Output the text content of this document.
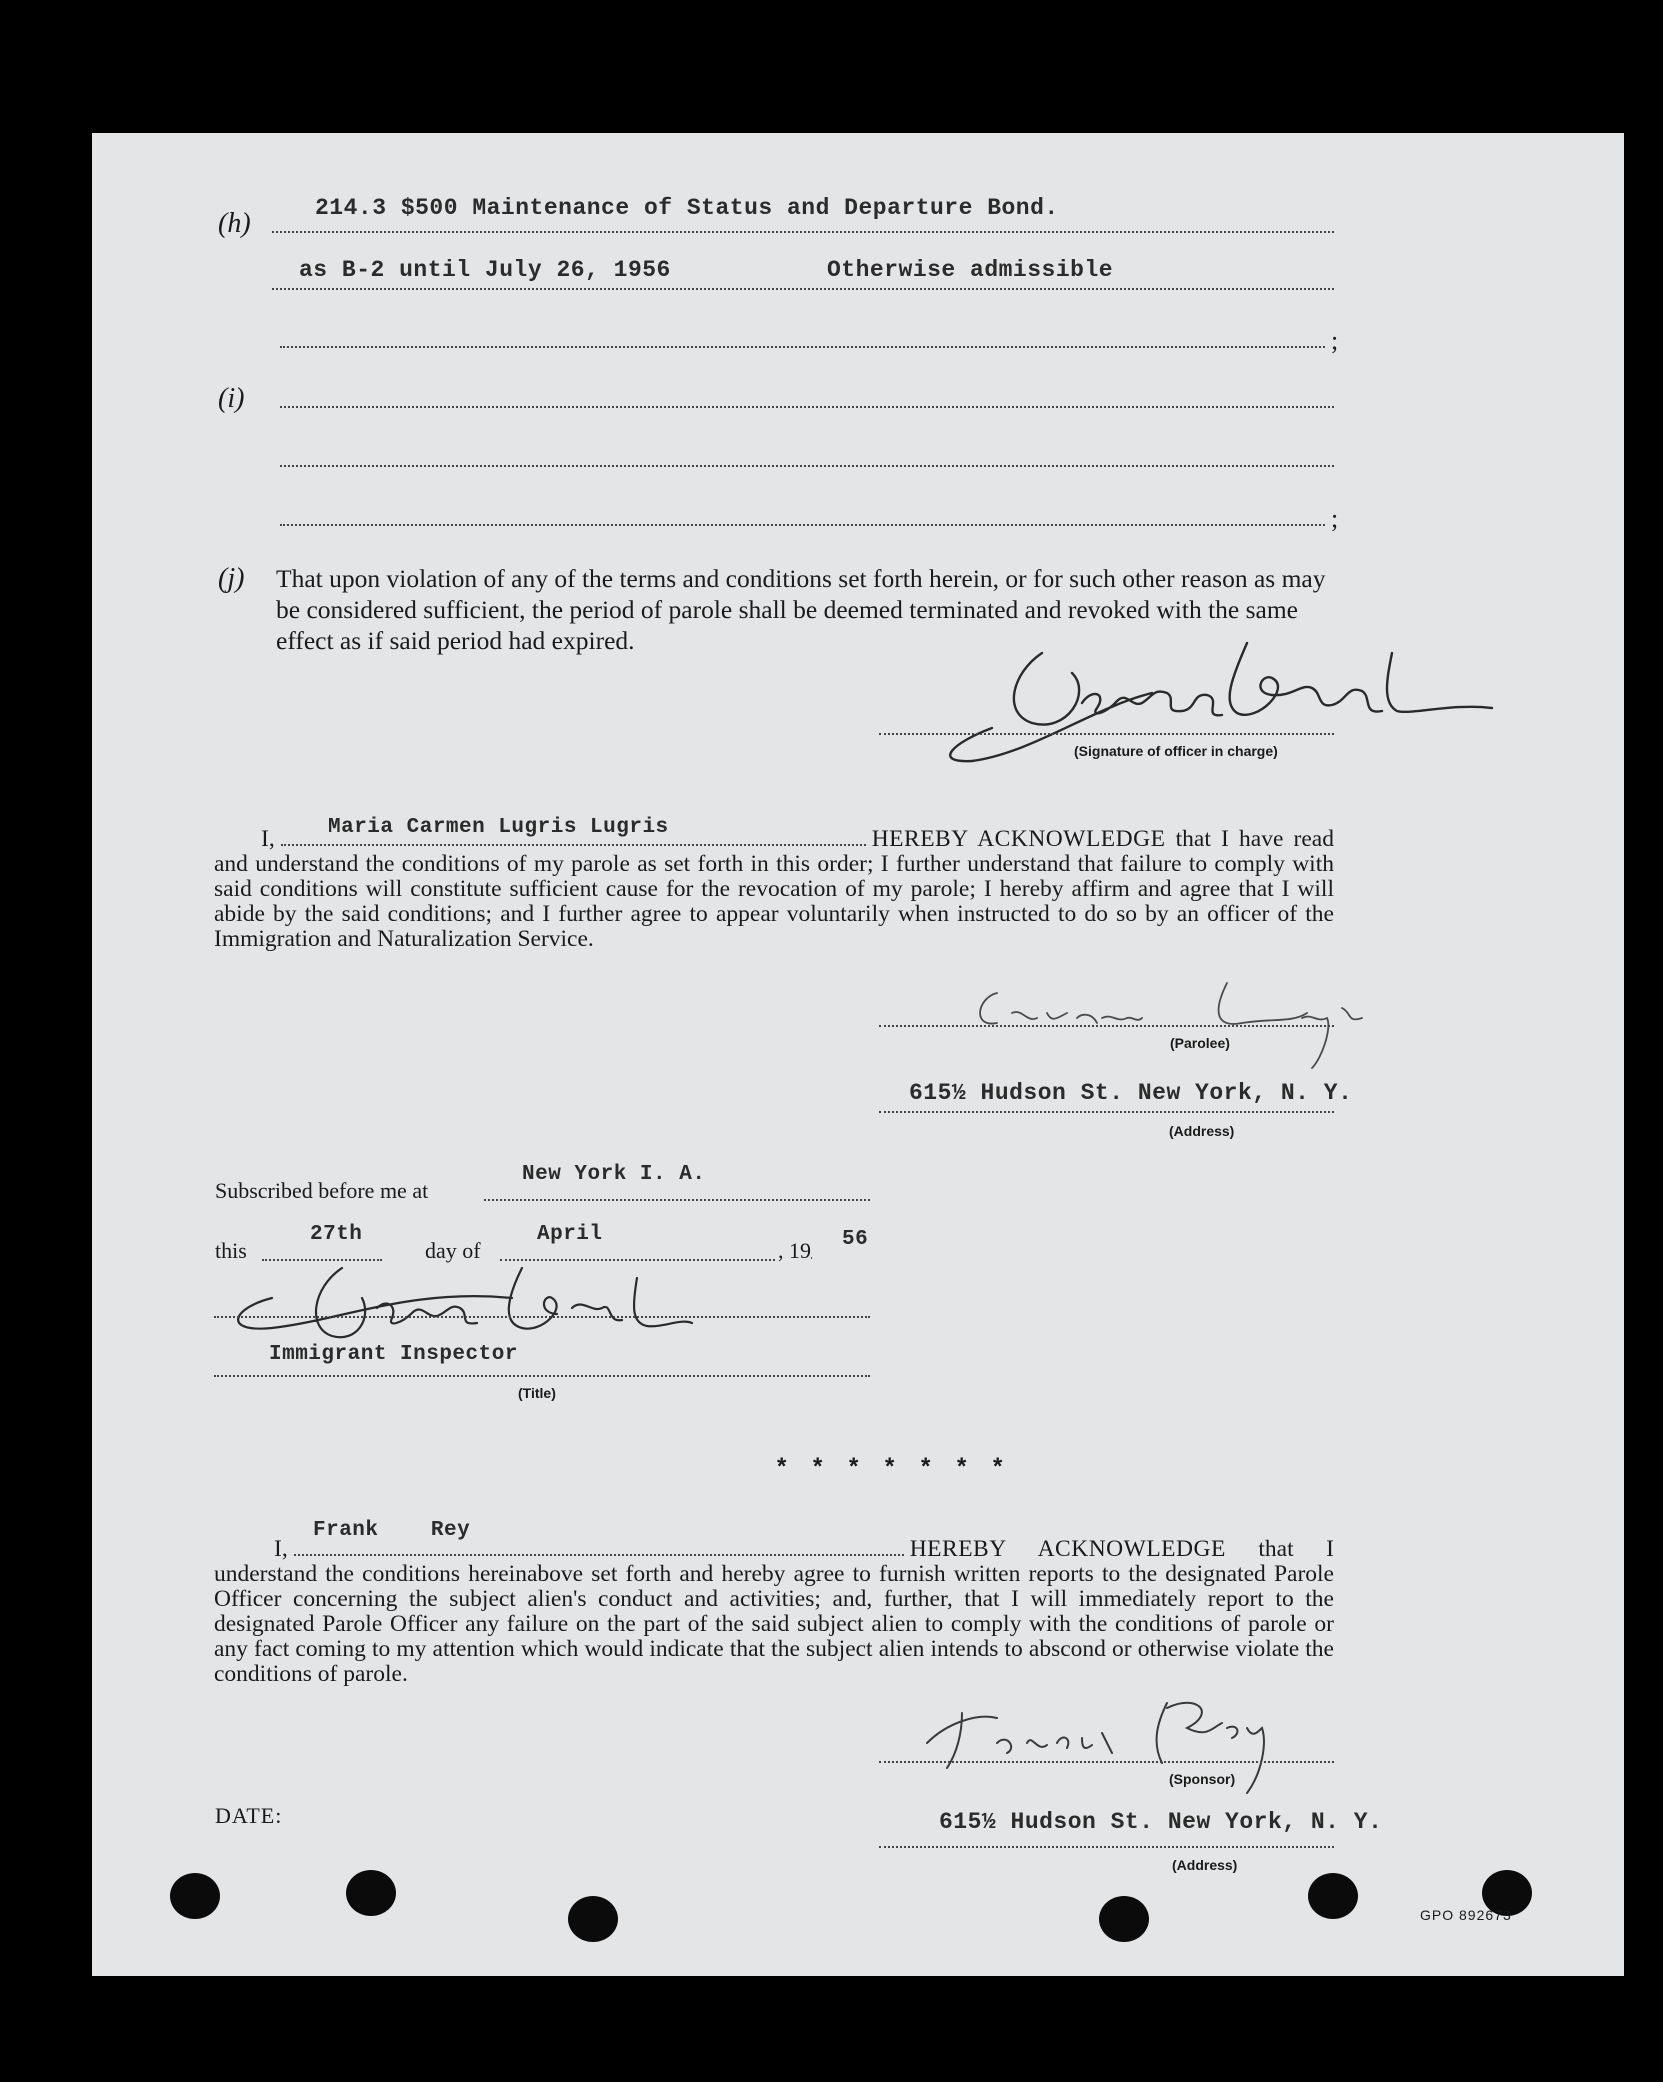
(h)	214.3 $500 Maintenance of Status and Departure Bond.
as B-2 until July 26, 1956	Otherwise admissible
;
(i)
;
(j) That upon violation of any of the terms and conditions set forth herein, or for such other reason as may be considered sufficient, the period of parole shall be deemed terminated and revoked with the same effect as if said period had expired.
(Signature of officer in charge)
Maria Carmen Lugris Lugris
I,	HEREBY ACKNOWLEDGE that I have read and understand the conditions of my parole as set forth in this order; I further understand that failure to comply with said conditions will constitute sufficient cause for the revocation of my parole; I hereby affirm and agree that I will abide by the said conditions; and I further agree to appear voluntarily when instructed to do so by an officer of the Immigration and Naturalization Service.
(Parolee)
615½ Hudson St. New York, N. Y.
(Address)
Subscribed before me at
New York I. A.
this
27th
day of
April
, 19 56
Immigrant Inspector
(Title)
* * * * * * *
Frank    Rey
I,	HEREBY ACKNOWLEDGE that I understand the conditions hereinabove set forth and hereby agree to furnish written reports to the designated Parole Officer concerning the subject alien's conduct and activities; and, further, that I will immediately report to the designated Parole Officer any failure on the part of the said subject alien to comply with the conditions of parole or any fact coming to my attention which would indicate that the subject alien intends to abscond or otherwise violate the conditions of parole.
(Sponsor)
DATE:	615½ Hudson St. New York, N. Y.
(Address)
GPO 892673
